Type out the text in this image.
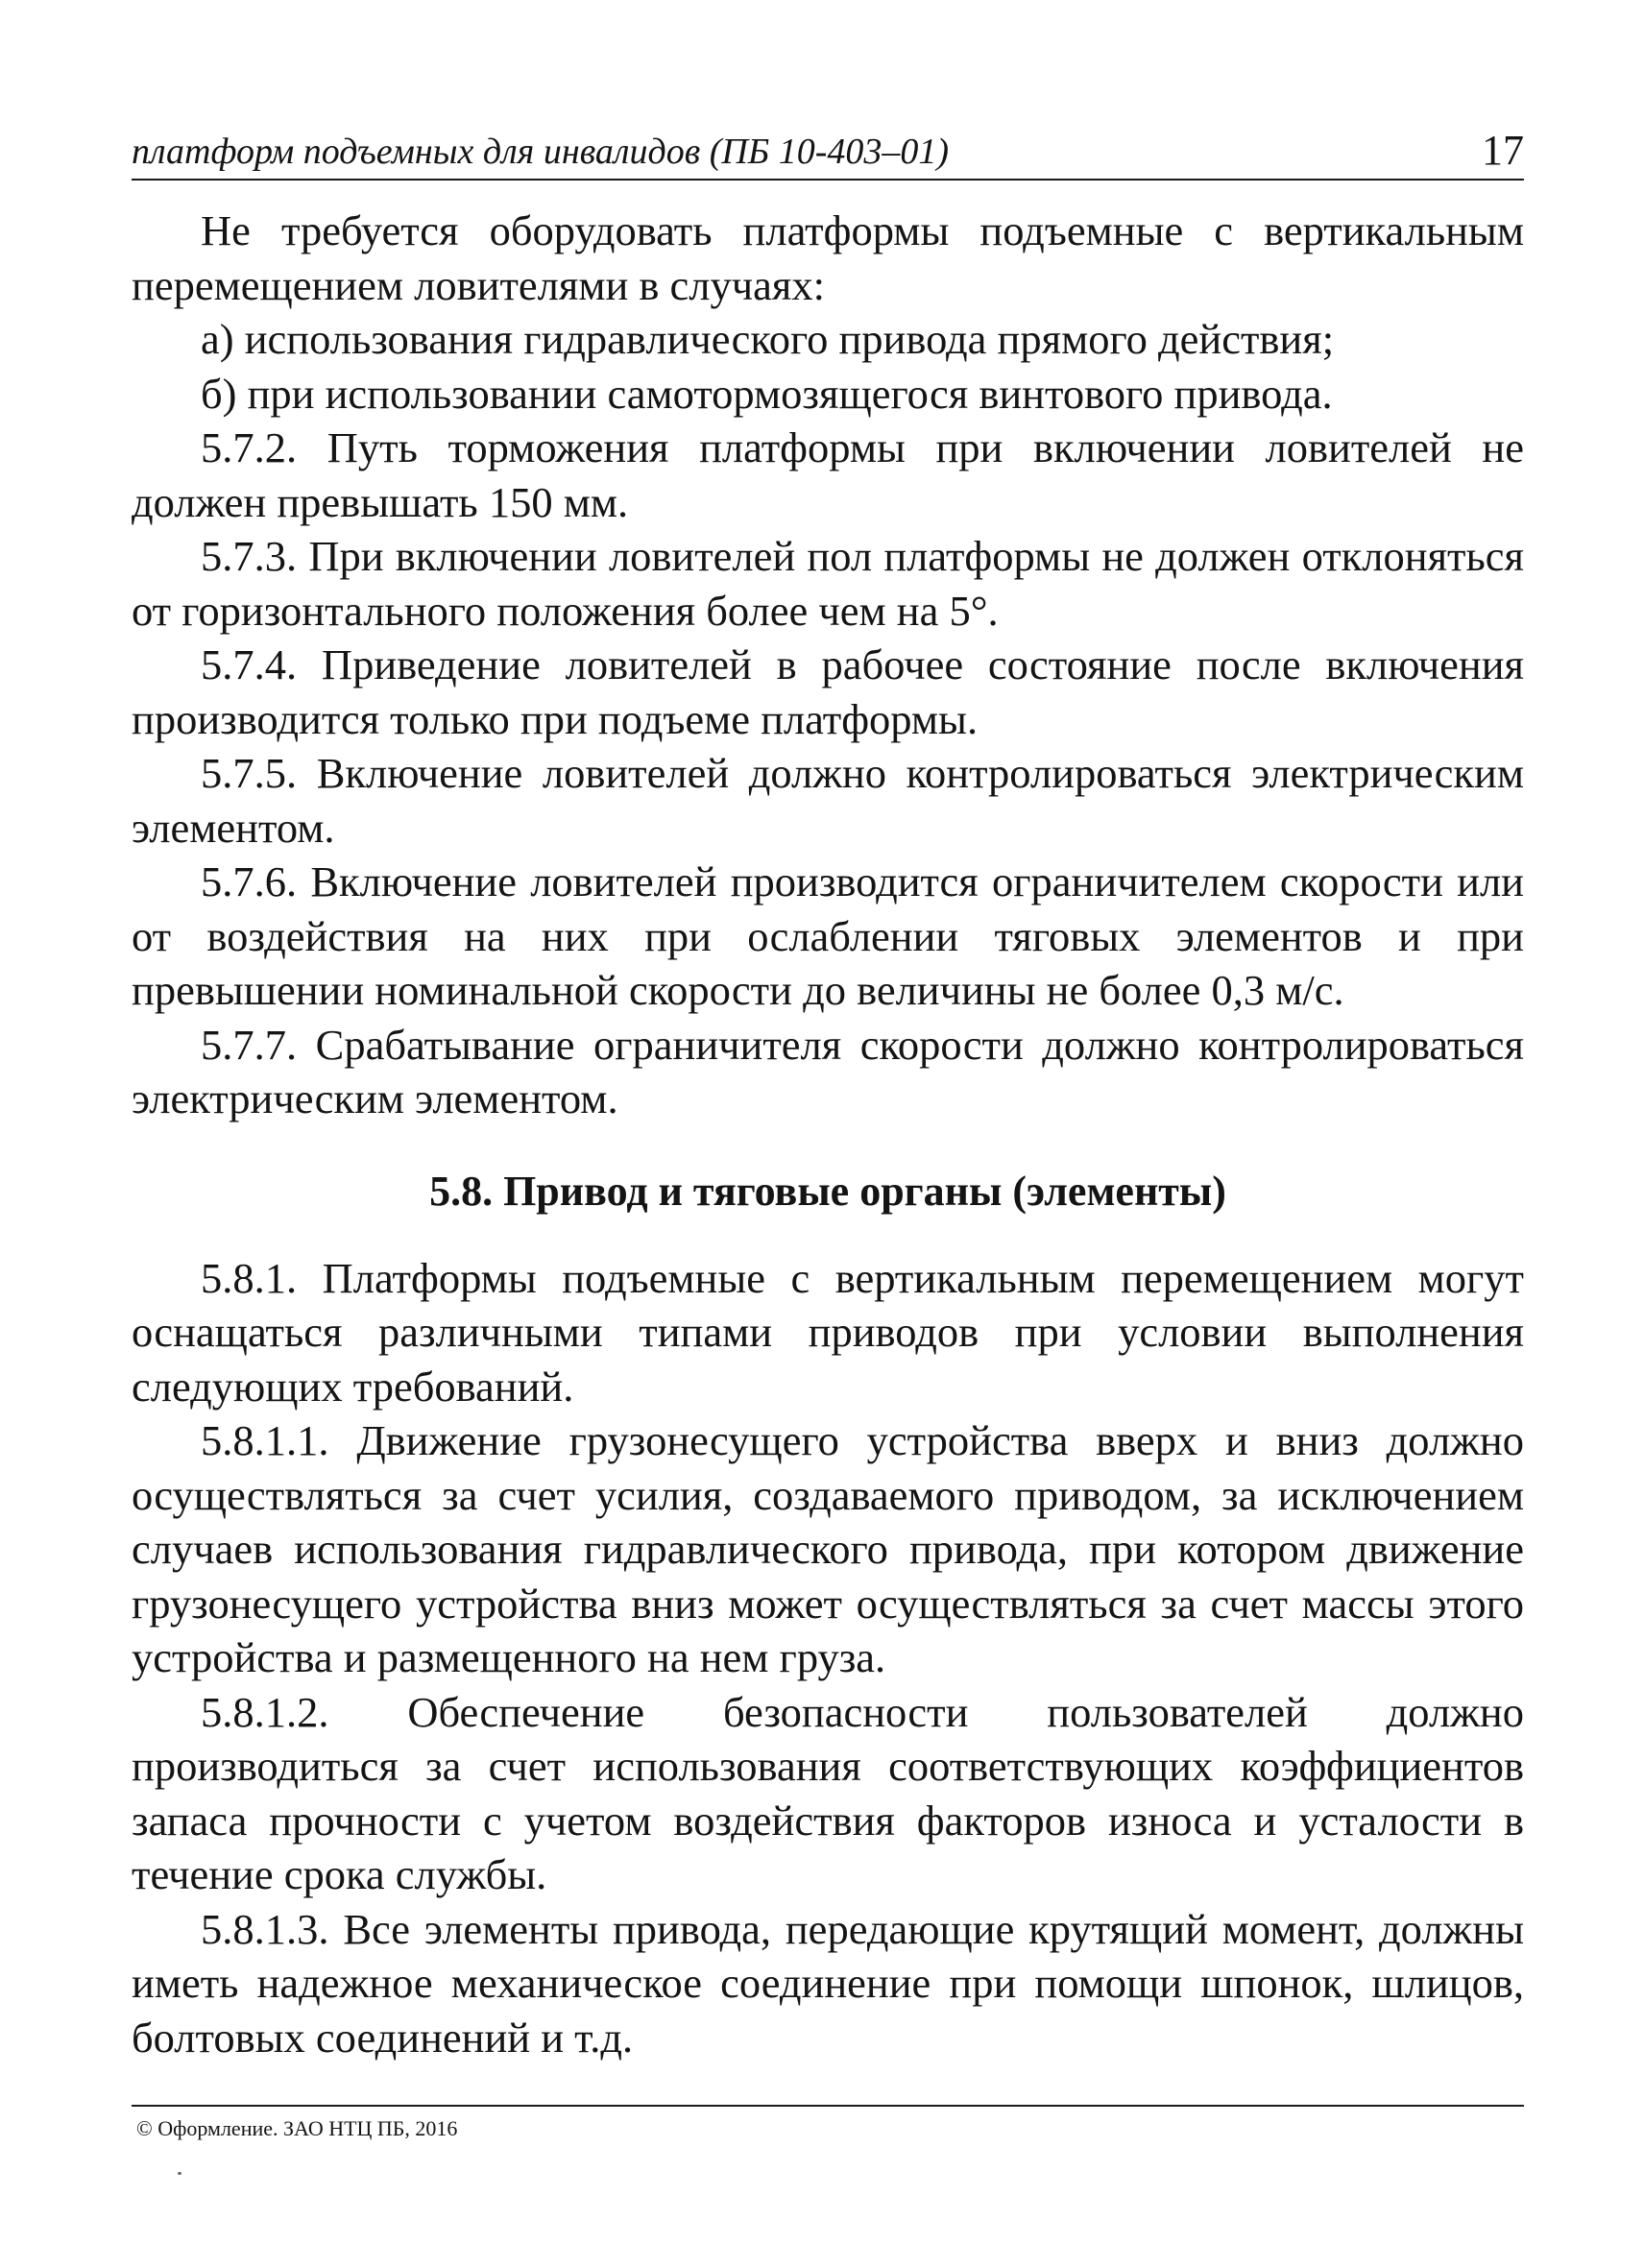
платформ подъемных для инвалидов (ПБ 10-403–01)	17

Не требуется оборудовать платформы подъемные с вертикальным перемещением ловителями в случаях:

а) использования гидравлического привода прямого действия;

б) при использовании самотормозящегося винтового привода.

5.7.2. Путь торможения платформы при включении ловителей не должен превышать 150 мм.

5.7.3. При включении ловителей пол платформы не должен отклоняться от горизонтального положения более чем на 5°.

5.7.4. Приведение ловителей в рабочее состояние после включения производится только при подъеме платформы.

5.7.5. Включение ловителей должно контролироваться электрическим элементом.

5.7.6. Включение ловителей производится ограничителем скорости или от воздействия на них при ослаблении тяговых элементов и при превышении номинальной скорости до величины не более 0,3 м/с.

5.7.7. Срабатывание ограничителя скорости должно контролироваться электрическим элементом.

5.8. Привод и тяговые органы (элементы)

5.8.1. Платформы подъемные с вертикальным перемещением могут оснащаться различными типами приводов при условии выполнения следующих требований.

5.8.1.1. Движение грузонесущего устройства вверх и вниз должно осуществляться за счет усилия, создаваемого приводом, за исключением случаев использования гидравлического привода, при котором движение грузонесущего устройства вниз может осуществляться за счет массы этого устройства и размещенного на нем груза.

5.8.1.2. Обеспечение безопасности пользователей должно производиться за счет использования соответствующих коэффициентов запаса прочности с учетом воздействия факторов износа и усталости в течение срока службы.

5.8.1.3. Все элементы привода, передающие крутящий момент, должны иметь надежное механическое соединение при помощи шпонок, шлицов, болтовых соединений и т.д.

© Оформление. ЗАО НТЦ ПБ, 2016
